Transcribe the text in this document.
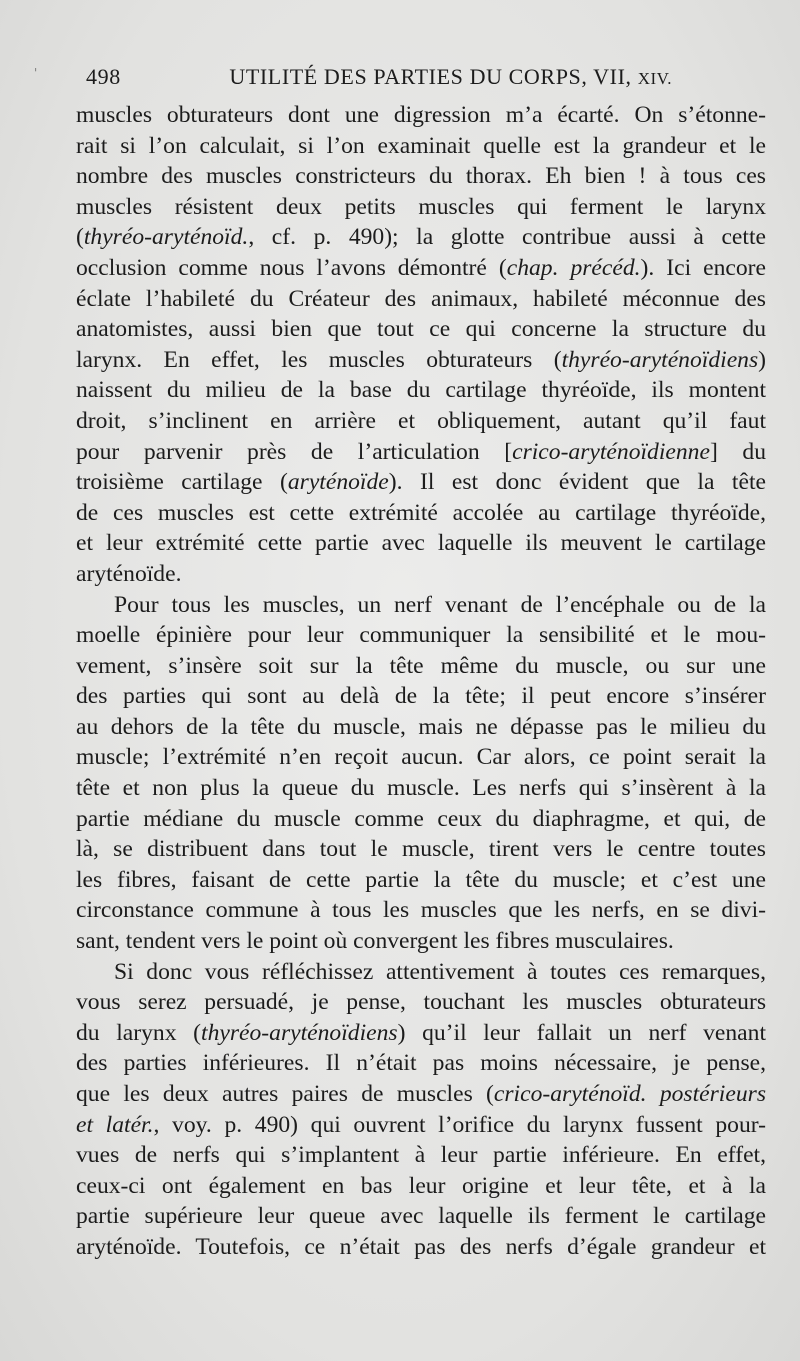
' 498	UTILITÉ DES PARTIES DU CORPS, VII, XIV.
muscles obturateurs dont une digression m’a écarté. On s’étonne-
rait si l’on calculait, si l’on examinait quelle est la grandeur et le
nombre des muscles constricteurs du thorax. Eh bien ! à tous ces
muscles résistent deux petits muscles qui ferment le larynx
(thyréo-aryténoïd., cf. p. 490); la glotte contribue aussi à cette
occlusion comme nous l’avons démontré (chap. précéd.). Ici encore
éclate l’habileté du Créateur des animaux, habileté méconnue des
anatomistes, aussi bien que tout ce qui concerne la structure du
larynx. En effet, les muscles obturateurs (thyréo-aryténoïdiens)
naissent du milieu de la base du cartilage thyréoïde, ils montent
droit, s’inclinent en arrière et obliquement, autant qu’il faut
pour parvenir près de l’articulation [crico-aryténoïdienne] du
troisième cartilage (aryténoïde). Il est donc évident que la tête
de ces muscles est cette extrémité accolée au cartilage thyréoïde,
et leur extrémité cette partie avec laquelle ils meuvent le cartilage
aryténoïde.
Pour tous les muscles, un nerf venant de l’encéphale ou de la
moelle épinière pour leur communiquer la sensibilité et le mou-
vement, s’insère soit sur la tête même du muscle, ou sur une
des parties qui sont au delà de la tête; il peut encore s’insérer
au dehors de la tête du muscle, mais ne dépasse pas le milieu du
muscle; l’extrémité n’en reçoit aucun. Car alors, ce point serait la
tête et non plus la queue du muscle. Les nerfs qui s’insèrent à la
partie médiane du muscle comme ceux du diaphragme, et qui, de
là, se distribuent dans tout le muscle, tirent vers le centre toutes
les fibres, faisant de cette partie la tête du muscle; et c’est une
circonstance commune à tous les muscles que les nerfs, en se divi-
sant, tendent vers le point où convergent les fibres musculaires.
Si donc vous réfléchissez attentivement à toutes ces remarques,
vous serez persuadé, je pense, touchant les muscles obturateurs
du larynx (thyréo-aryténoïdiens) qu’il leur fallait un nerf venant
des parties inférieures. Il n’était pas moins nécessaire, je pense,
que les deux autres paires de muscles (crico-aryténoïd. postérieurs
et latér., voy. p. 490) qui ouvrent l’orifice du larynx fussent pour-
vues de nerfs qui s’implantent à leur partie inférieure. En effet,
ceux-ci ont également en bas leur origine et leur tête, et à la
partie supérieure leur queue avec laquelle ils ferment le cartilage
aryténoïde. Toutefois, ce n’était pas des nerfs d’égale grandeur et
